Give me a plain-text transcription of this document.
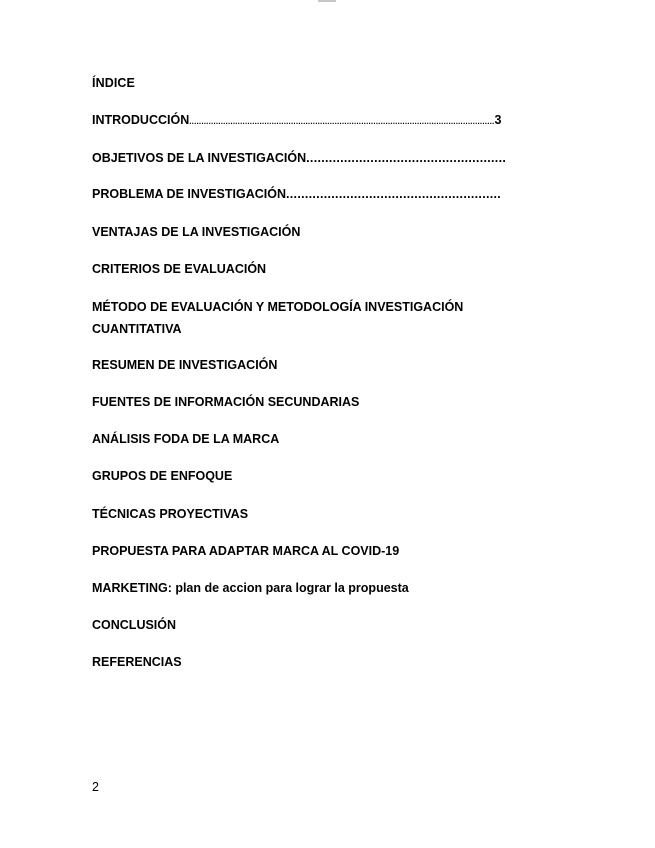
ÍNDICE
INTRODUCCIÓN..............................................................................................................................3
OBJETIVOS DE LA INVESTIGACIÓN.....................................................
PROBLEMA DE INVESTIGACIÓN.........................................................
VENTAJAS DE LA INVESTIGACIÓN
CRITERIOS DE EVALUACIÓN
MÉTODO DE EVALUACIÓN Y METODOLOGÍA INVESTIGACIÓN
CUANTITATIVA
RESUMEN DE INVESTIGACIÓN
FUENTES DE INFORMACIÓN SECUNDARIAS
ANÁLISIS FODA DE LA MARCA
GRUPOS DE ENFOQUE
TÉCNICAS PROYECTIVAS
PROPUESTA PARA ADAPTAR MARCA AL COVID-19
MARKETING: plan de accion para lograr la propuesta
CONCLUSIÓN
REFERENCIAS
2
